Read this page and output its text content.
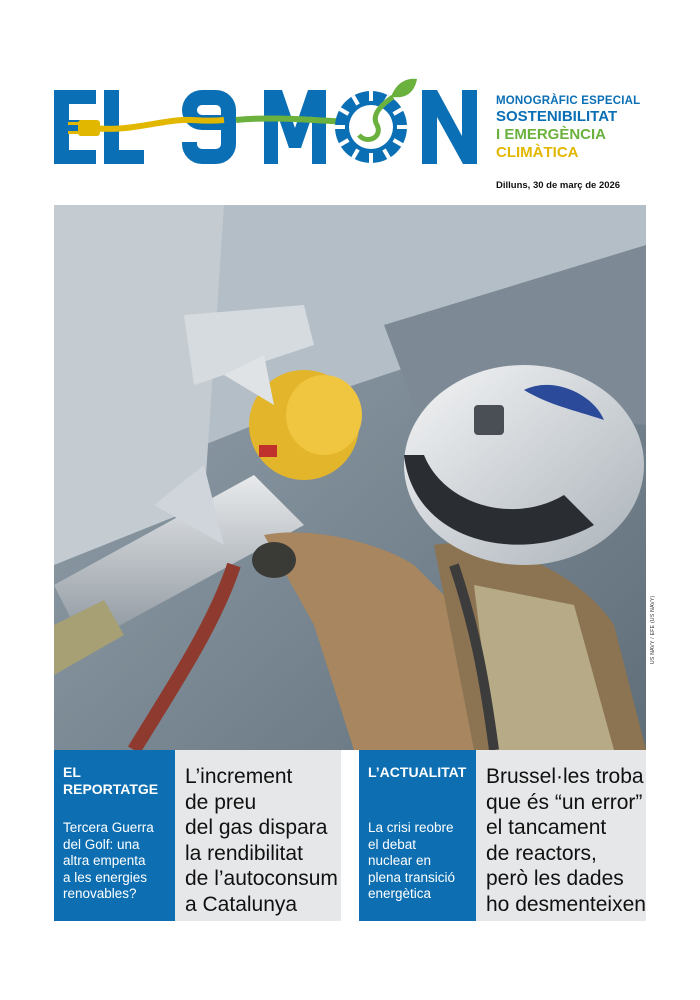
MONOGRÀFIC ESPECIAL
SOSTENIBILITAT
I EMERGÈNCIA
CLIMÀTICA
Dilluns, 30 de març de 2026
US NAVY / EFE (US NAVY)
EL
REPORTATGE
Tercera Guerra
del Golf: una
altra empenta
a les energies
renovables?
L’increment
de preu
del gas dispara
la rendibilitat
de l’autoconsum
a Catalunya
L’ACTUALITAT
La crisi reobre
el debat
nuclear en
plena transició
energètica
Brussel·les troba
que és “un error”
el tancament
de reactors,
però les dades
ho desmenteixen
